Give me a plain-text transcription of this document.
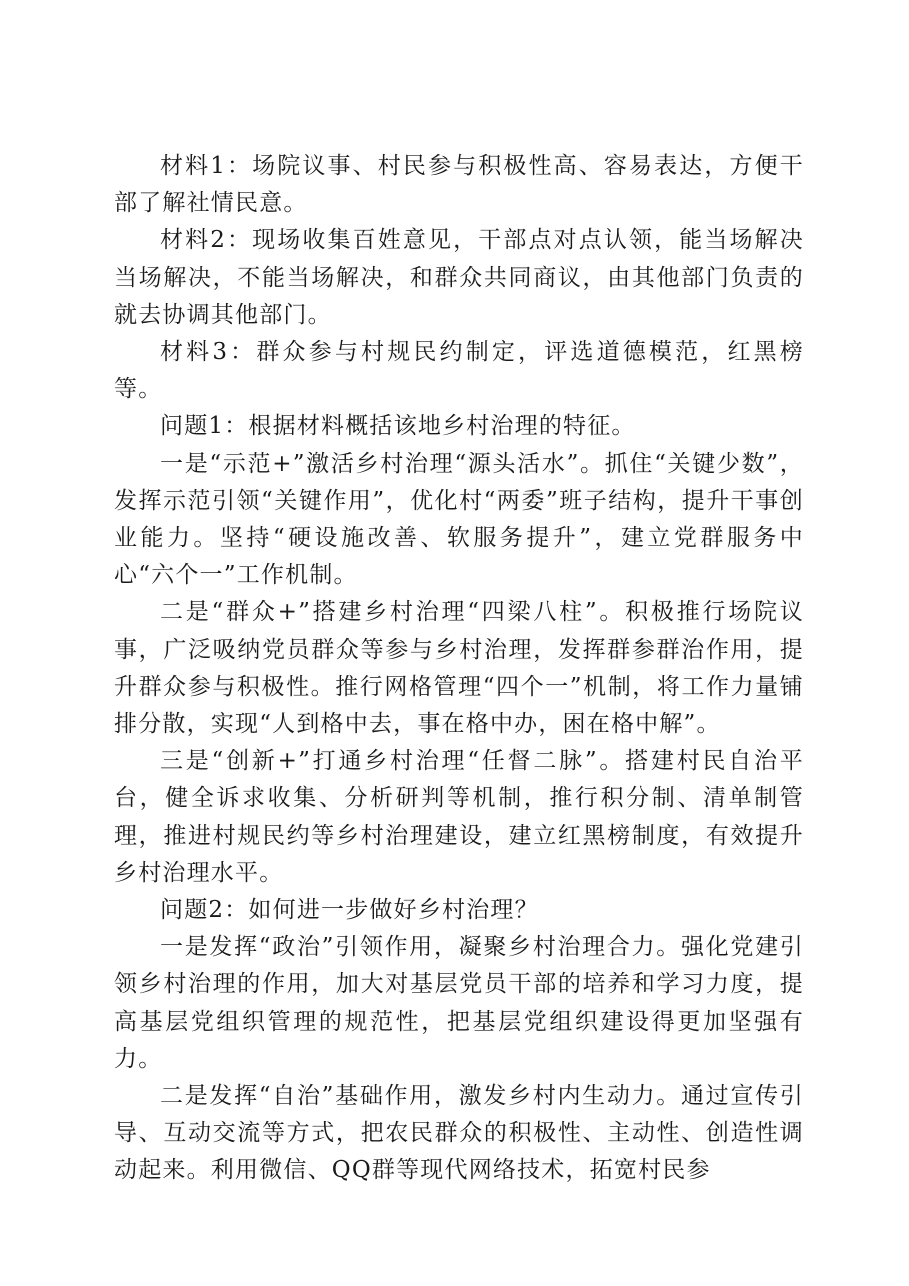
材料1：场院议事、村民参与积极性高、容易表达，方便干部了解社情民意。

材料2：现场收集百姓意见，干部点对点认领，能当场解决当场解决，不能当场解决，和群众共同商议，由其他部门负责的就去协调其他部门。

材料3：群众参与村规民约制定，评选道德模范，红黑榜等。

问题1：根据材料概括该地乡村治理的特征。

一是“示范+”激活乡村治理“源头活水”。抓住“关键少数”，发挥示范引领“关键作用”，优化村“两委”班子结构，提升干事创业能力。坚持“硬设施改善、软服务提升”，建立党群服务中心“六个一”工作机制。

二是“群众+”搭建乡村治理“四梁八柱”。积极推行场院议事，广泛吸纳党员群众等参与乡村治理，发挥群参群治作用，提升群众参与积极性。推行网格管理“四个一”机制，将工作力量铺排分散，实现“人到格中去，事在格中办，困在格中解”。

三是“创新+”打通乡村治理“任督二脉”。搭建村民自治平台，健全诉求收集、分析研判等机制，推行积分制、清单制管理，推进村规民约等乡村治理建设，建立红黑榜制度，有效提升乡村治理水平。

问题2：如何进一步做好乡村治理？

一是发挥“政治”引领作用，凝聚乡村治理合力。强化党建引领乡村治理的作用，加大对基层党员干部的培养和学习力度，提高基层党组织管理的规范性，把基层党组织建设得更加坚强有力。

二是发挥“自治”基础作用，激发乡村内生动力。通过宣传引导、互动交流等方式，把农民群众的积极性、主动性、创造性调动起来。利用微信、QQ群等现代网络技术，拓宽村民参
